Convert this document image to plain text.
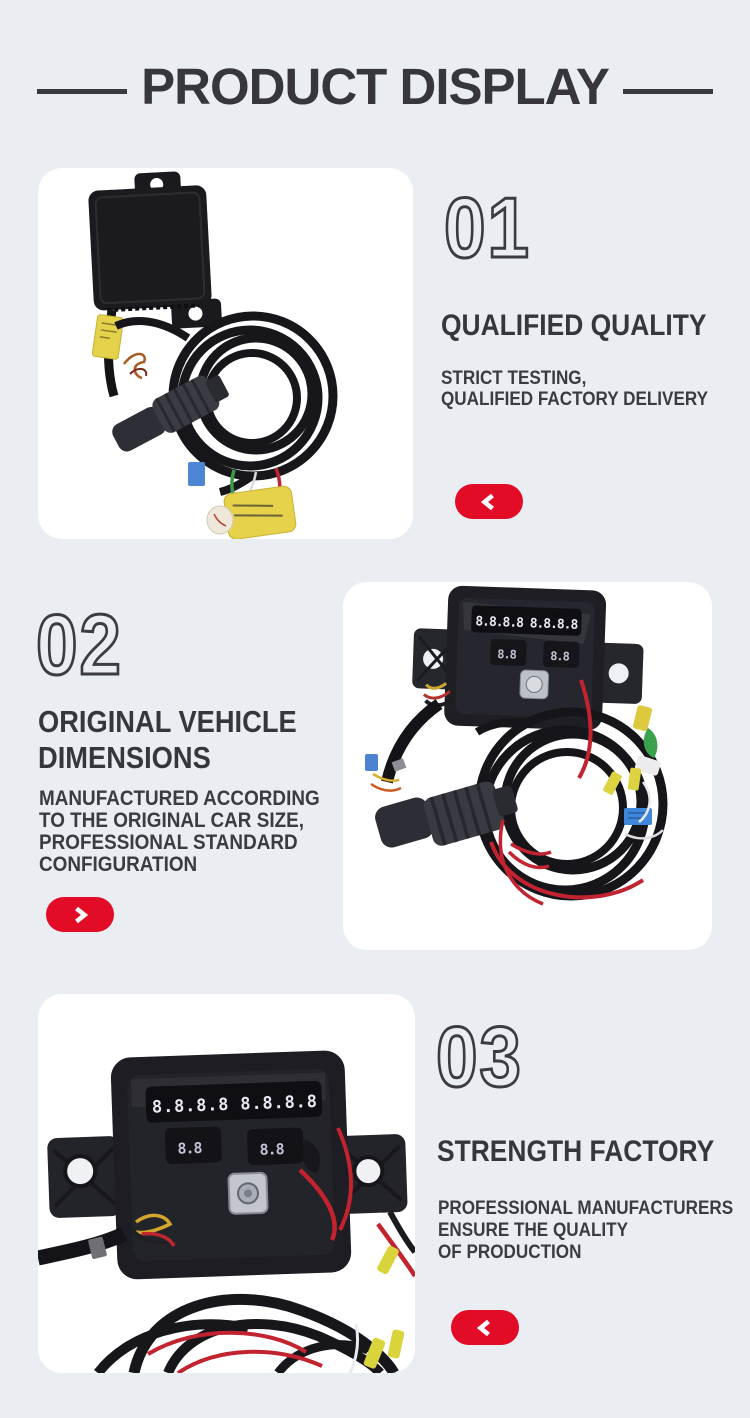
PRODUCT DISPLAY
01
QUALIFIED QUALITY
STRICT TESTING,
QUALIFIED FACTORY DELIVERY
02
ORIGINAL VEHICLE
DIMENSIONS
MANUFACTURED ACCORDING
TO THE ORIGINAL CAR SIZE,
PROFESSIONAL STANDARD
CONFIGURATION
8.8.8.8 8.8.8.8
8.8	8.8
8.8.8.8 8.8.8.8
8.8	8.8
03
STRENGTH FACTORY
PROFESSIONAL MANUFACTURERS
ENSURE THE QUALITY
OF PRODUCTION
